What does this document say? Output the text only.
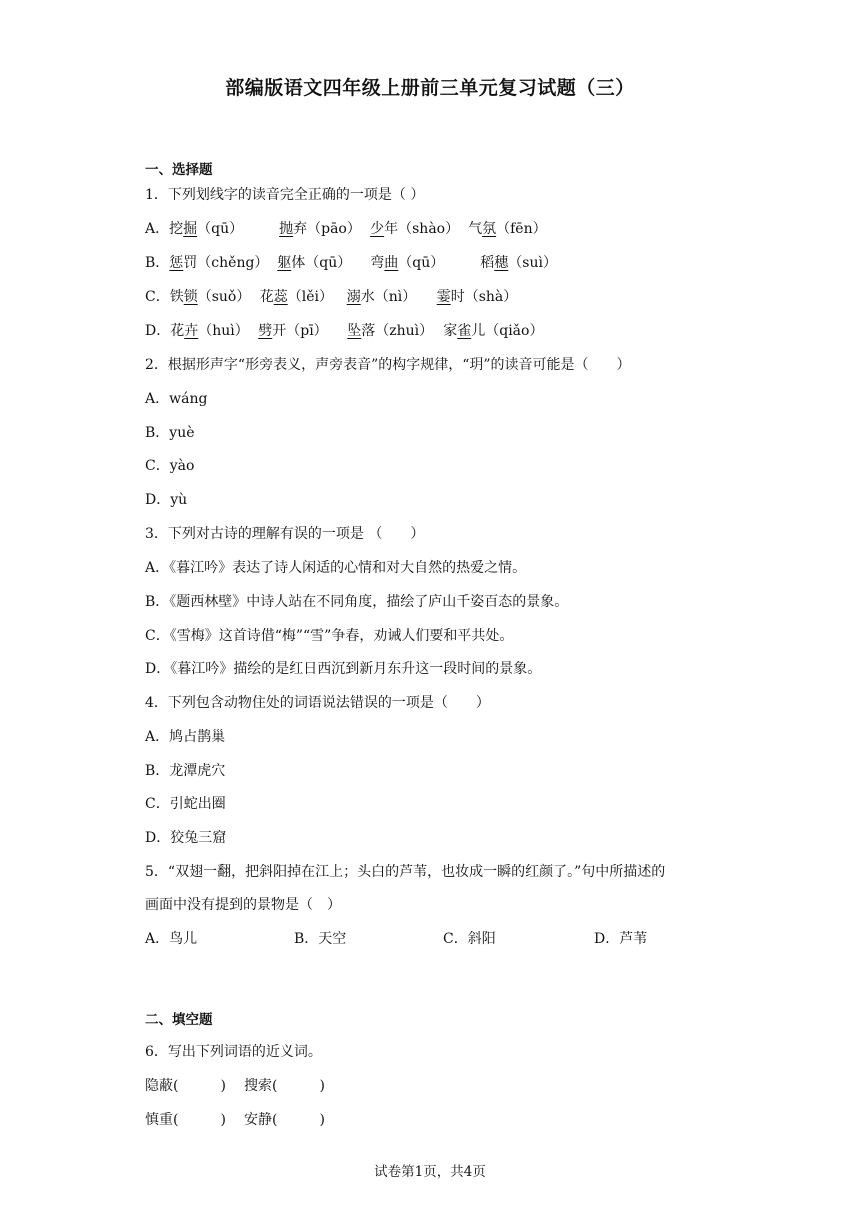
部编版语文四年级上册前三单元复习试题（三）
一、选择题
1．下列划线字的读音完全正确的一项是（ ）
A．挖掘（qū）	抛弃（pāo） 少年（shào） 气氛（fēn）
B．惩罚（chěng） 躯体（qū） 弯曲（qū）	稻穗（suì）
C．铁锁（suǒ） 花蕊（lěi） 溺水（nì） 霎时（shà）
D．花卉（huì） 劈开（pī） 坠落（zhuì） 家雀儿（qiǎo）
2．根据形声字“形旁表义，声旁表音”的构字规律，“玥”的读音可能是（　　）
A．wáng
B．yuè
C．yào
D．yù
3．下列对古诗的理解有误的一项是 （　　）
A．《暮江吟》表达了诗人闲适的心情和对大自然的热爱之情。
B．《题西林壁》中诗人站在不同角度，描绘了庐山千姿百态的景象。
C．《雪梅》这首诗借“梅”“雪”争春，劝诫人们要和平共处。
D．《暮江吟》描绘的是红日西沉到新月东升这一段时间的景象。
4．下列包含动物住处的词语说法错误的一项是（　　）
A．鸠占鹊巢
B．龙潭虎穴
C．引蛇出圈
D．狡兔三窟
5．“双翅一翻，把斜阳掉在江上；头白的芦苇，也妆成一瞬的红颜了。”句中所描述的
画面中没有提到的景物是（　）
A．鸟儿	B．天空	C．斜阳	D．芦苇
二、填空题
6．写出下列词语的近义词。
隐蔽(　　　) 搜索(　　　)
慎重(　　　) 安静(　　　)
试卷第1页，共4页
